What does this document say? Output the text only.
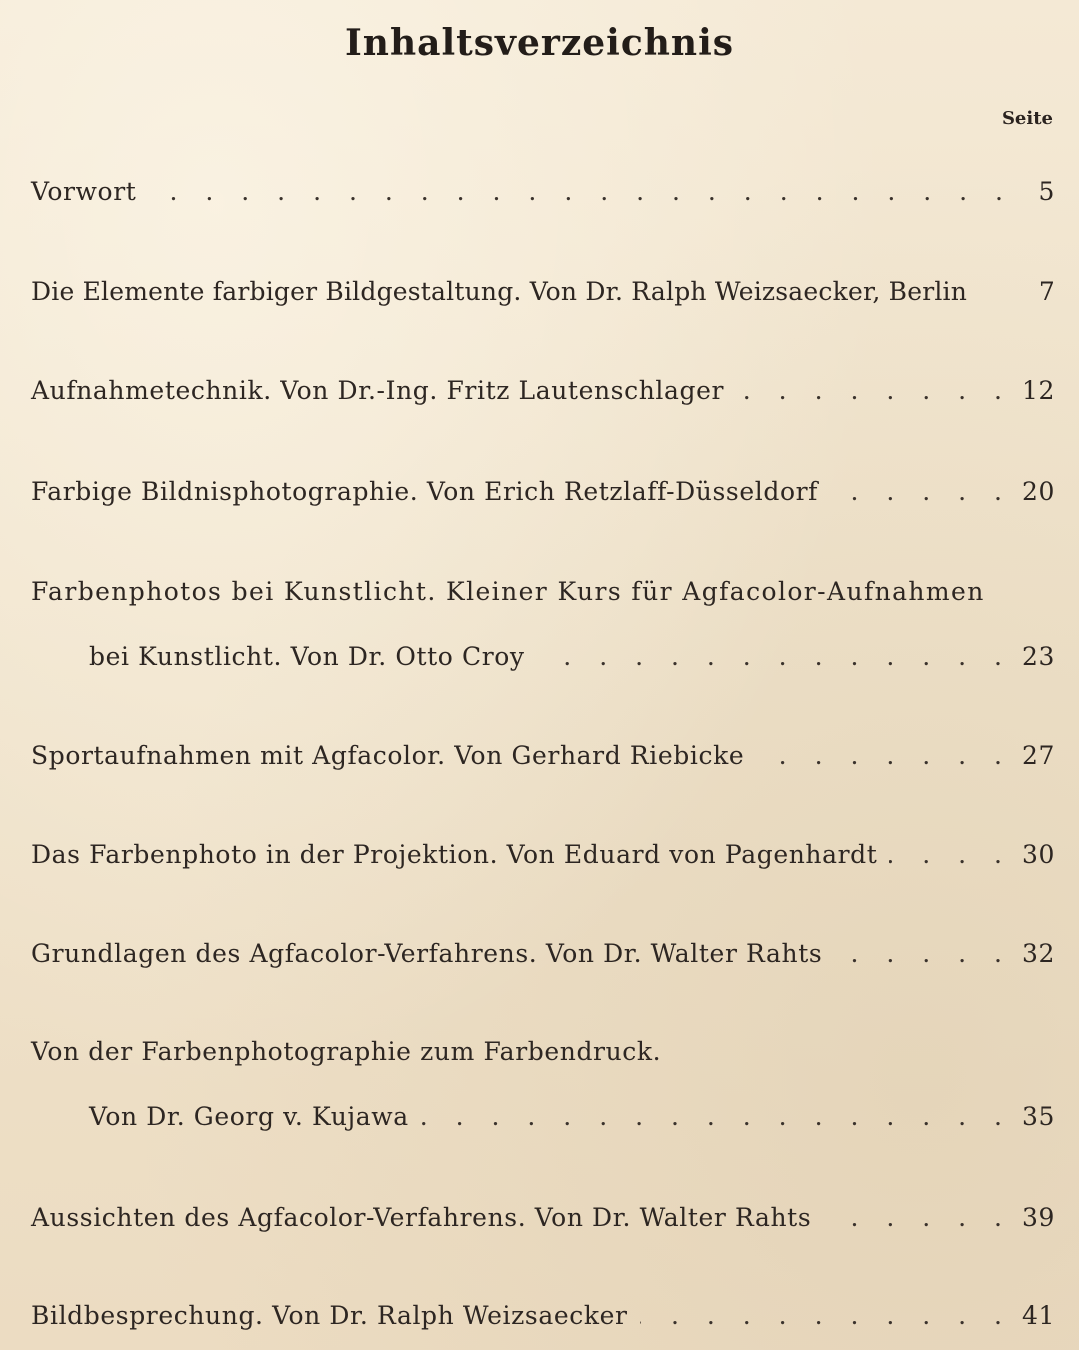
Inhaltsverzeichnis
Seite
Vorwort . . .	5
Die Elemente farbiger Bildgestaltung. Von Dr. Ralph Weizsaecker, Berlin	7
Aufnahmetechnik. Von Dr.-Ing. Fritz Lautenschlager . . .	12
Farbige Bildnisphotographie. Von Erich Retzlaff-Düsseldorf . . .	20
Farbenphotos bei Kunstlicht. Kleiner Kurs für Agfacolor-Aufnahmen
bei Kunstlicht. Von Dr. Otto Croy . . .	23
Sportaufnahmen mit Agfacolor. Von Gerhard Riebicke . . .	27
Das Farbenphoto in der Projektion. Von Eduard von Pagenhardt . . .	30
Grundlagen des Agfacolor-Verfahrens. Von Dr. Walter Rahts . . .	32
Von der Farbenphotographie zum Farbendruck.
Von Dr. Georg v. Kujawa . . .	35
Aussichten des Agfacolor-Verfahrens. Von Dr. Walter Rahts . . .	39
Bildbesprechung. Von Dr. Ralph Weizsaecker . . .	41
